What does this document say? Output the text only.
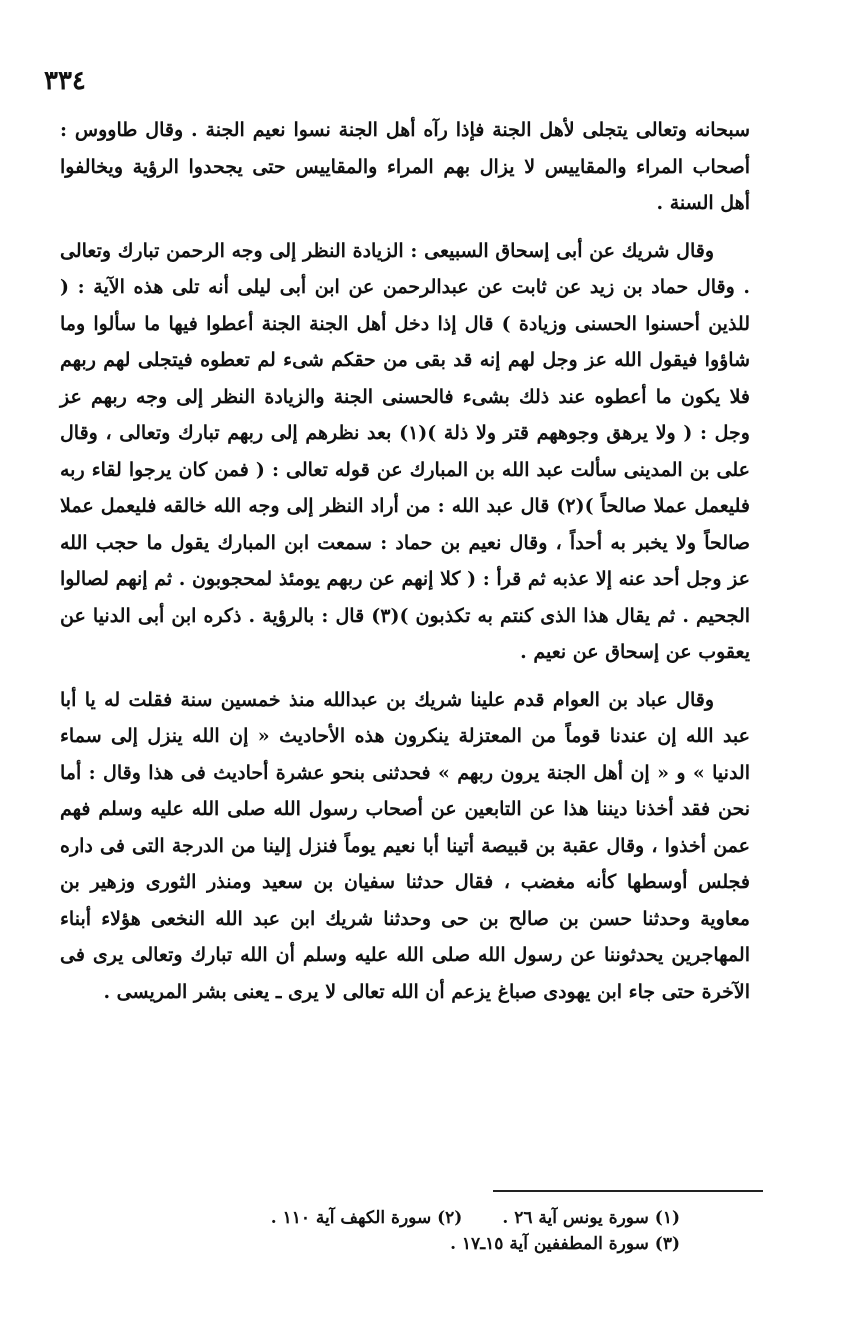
٣٣٤

سبحانه وتعالى يتجلى لأهل الجنة فإذا رآه أهل الجنة نسوا نعيم الجنة . وقال طاووس : أصحاب المراء والمقاييس لا يزال بهم المراء والمقاييس حتى يجحدوا الرؤية ويخالفوا أهل السنة .

وقال شريك عن أبى إسحاق السبيعى : الزيادة النظر إلى وجه الرحمن تبارك وتعالى . وقال حماد بن زيد عن ثابت عن عبدالرحمن عن ابن أبى ليلى أنه تلى هذه الآية : ( للذين أحسنوا الحسنى وزيادة ) قال إذا دخل أهل الجنة الجنة أعطوا فيها ما سألوا وما شاؤوا فيقول الله عز وجل لهم إنه قد بقى من حقكم شىء لم تعطوه فيتجلى لهم ربهم فلا يكون ما أعطوه عند ذلك بشىء فالحسنى الجنة والزيادة النظر إلى وجه ربهم عز وجل : ( ولا يرهق وجوههم قتر ولا ذلة )(١) بعد نظرهم إلى ربهم تبارك وتعالى ، وقال على بن المدينى سألت عبد الله بن المبارك عن قوله تعالى : ( فمن كان يرجوا لقاء ربه فليعمل عملا صالحاً )(٢) قال عبد الله : من أراد النظر إلى وجه الله خالقه فليعمل عملا صالحاً ولا يخبر به أحداً ، وقال نعيم بن حماد : سمعت ابن المبارك يقول ما حجب الله عز وجل أحد عنه إلا عذبه ثم قرأ : ( كلا إنهم عن ربهم يومئذ لمحجوبون . ثم إنهم لصالوا الجحيم . ثم يقال هذا الذى كنتم به تكذبون )(٣) قال : بالرؤية . ذكره ابن أبى الدنيا عن يعقوب عن إسحاق عن نعيم .

وقال عباد بن العوام قدم علينا شريك بن عبدالله منذ خمسين سنة فقلت له يا أبا عبد الله إن عندنا قوماً من المعتزلة ينكرون هذه الأحاديث « إن الله ينزل إلى سماء الدنيا » و « إن أهل الجنة يرون ربهم » فحدثنى بنحو عشرة أحاديث فى هذا وقال : أما نحن فقد أخذنا ديننا هذا عن التابعين عن أصحاب رسول الله صلى الله عليه وسلم فهم عمن أخذوا ، وقال عقبة بن قبيصة أتينا أبا نعيم يوماً فنزل إلينا من الدرجة التى فى داره فجلس أوسطها كأنه مغضب ، فقال حدثنا سفيان بن سعيد ومنذر الثورى وزهير بن معاوية وحدثنا حسن بن صالح بن حى وحدثنا شريك ابن عبد الله النخعى هؤلاء أبناء المهاجرين يحدثوننا عن رسول الله صلى الله عليه وسلم أن الله تبارك وتعالى يرى فى الآخرة حتى جاء ابن يهودى صباغ يزعم أن الله تعالى لا يرى ـ يعنى بشر المريسى .

(١) سورة يونس آية ٢٦ .
(٢) سورة الكهف آية ١١٠ .
(٣) سورة المطففين آية ١٥ـ١٧ .
